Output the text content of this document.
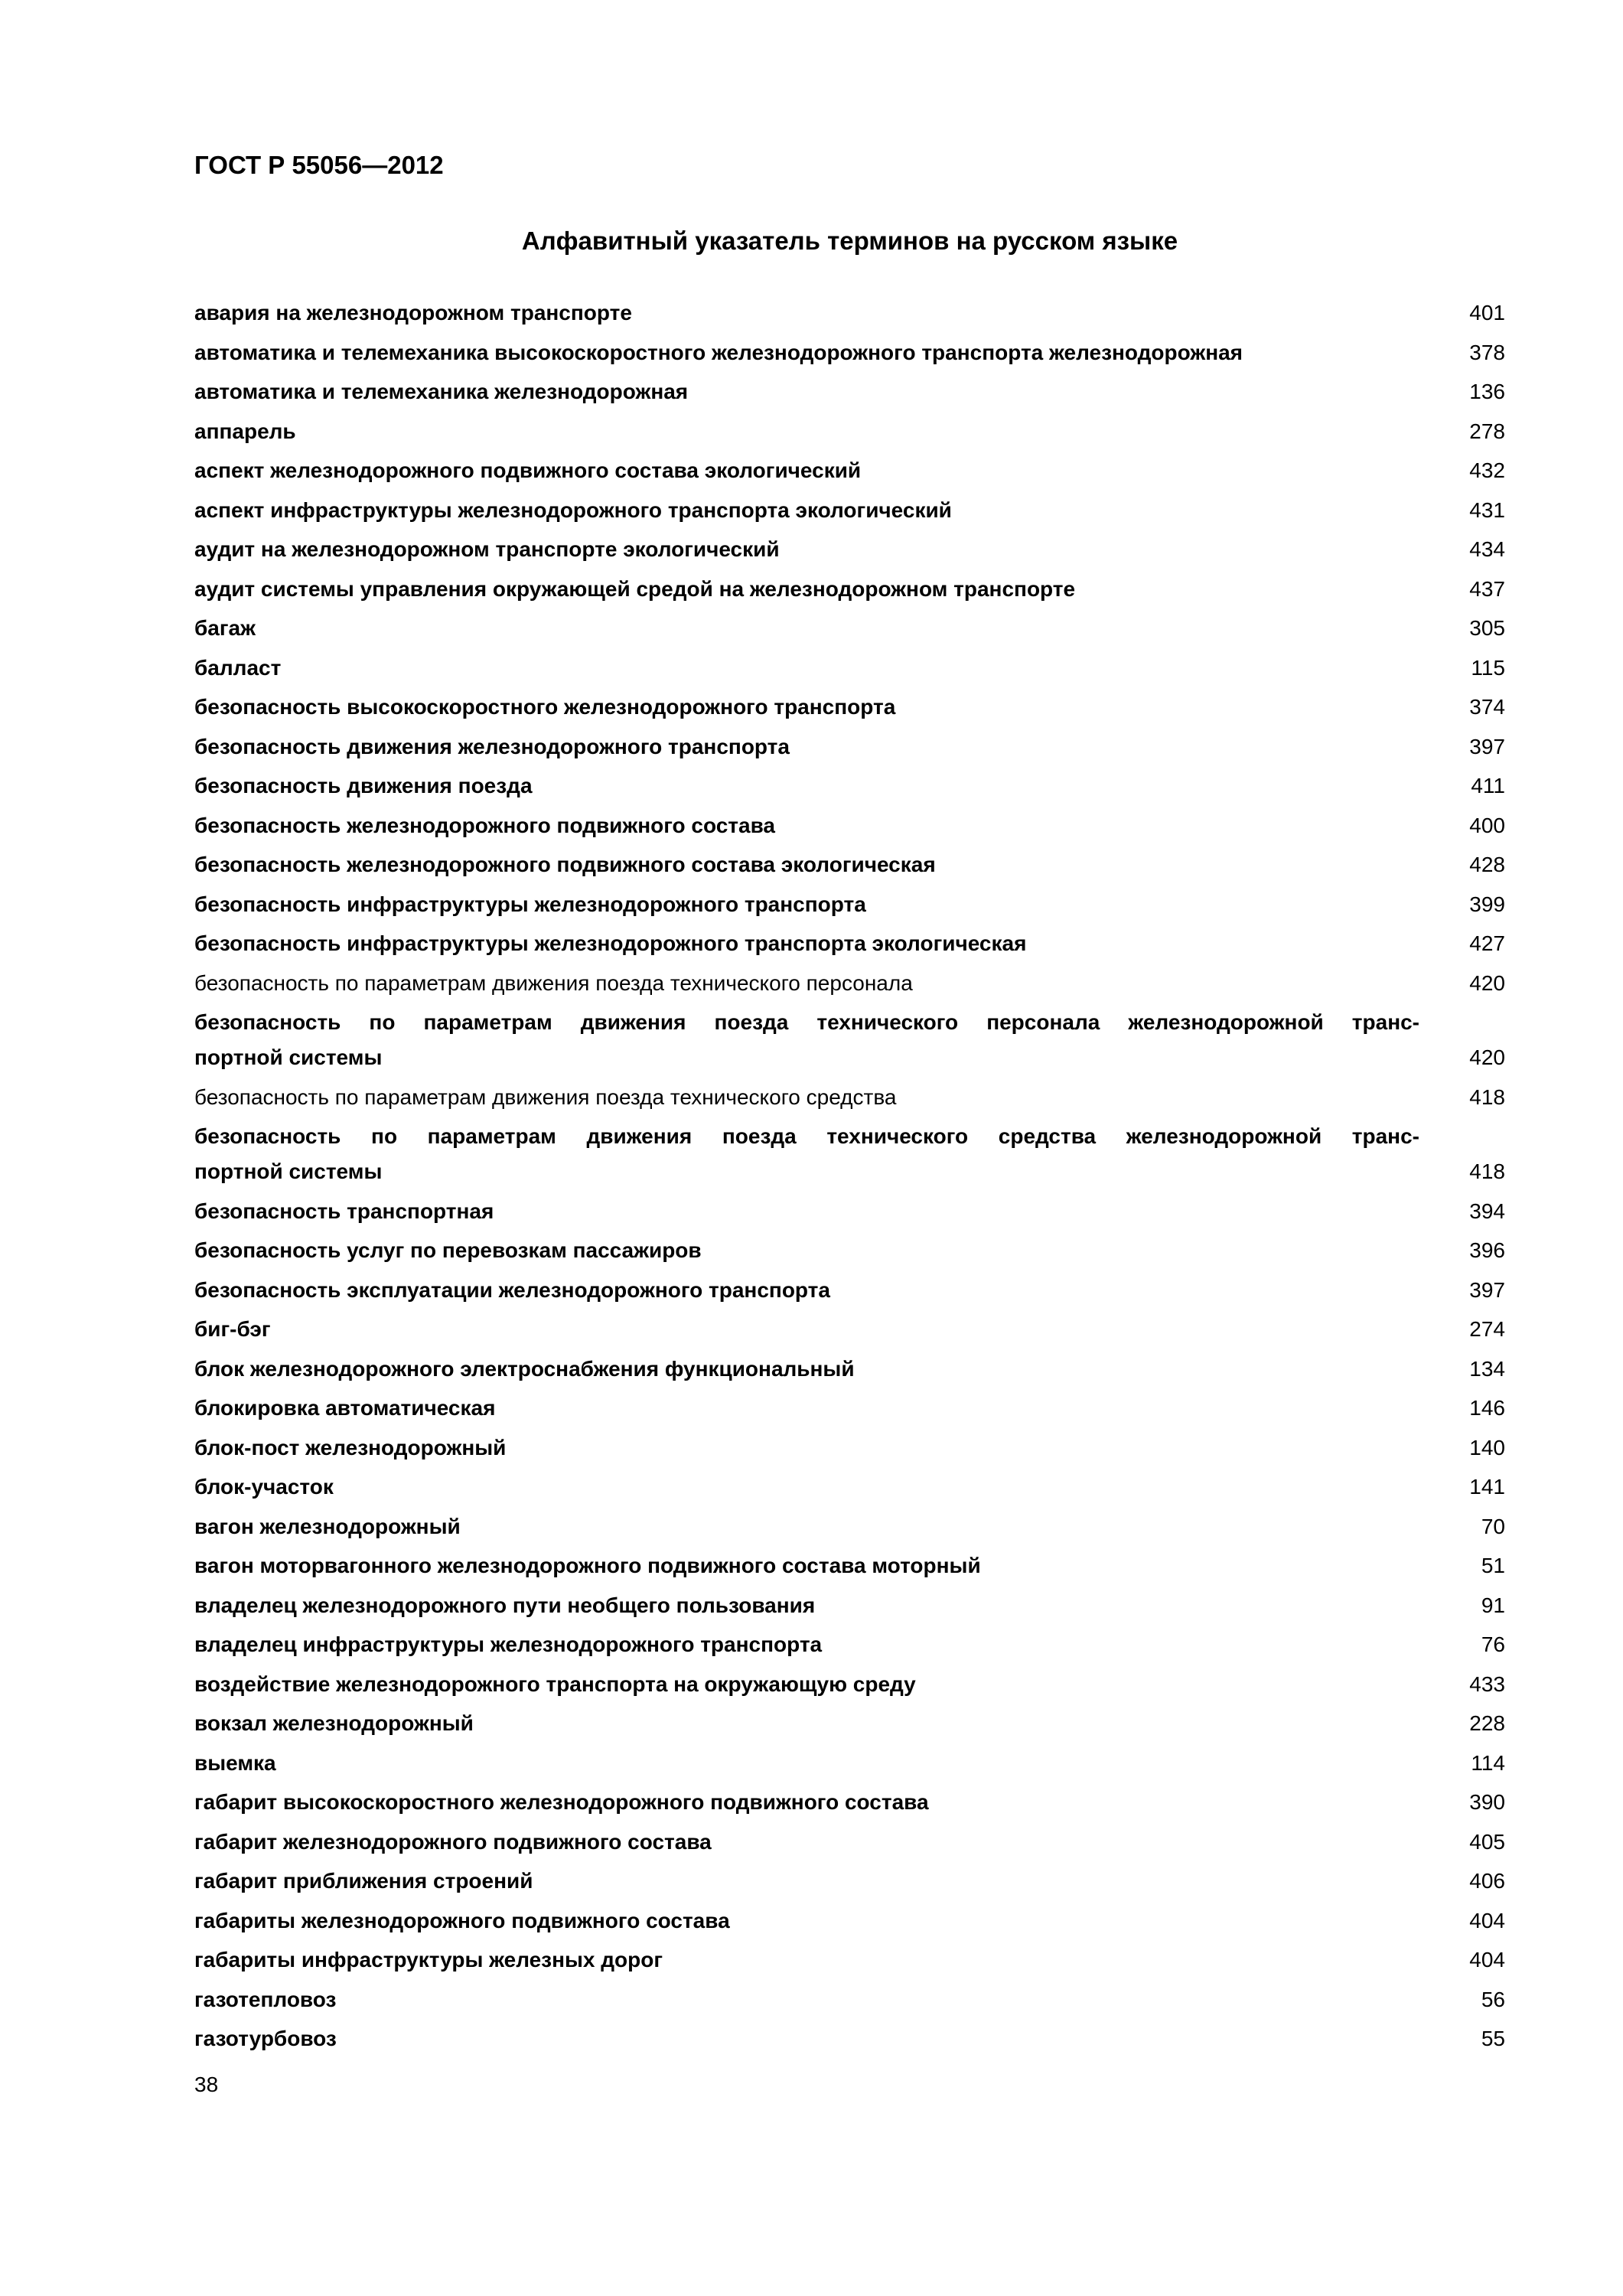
ГОСТ Р 55056—2012
Алфавитный указатель терминов на русском языке
авария на железнодорожном транспорте	401
автоматика и телемеханика высокоскоростного железнодорожного транспорта железнодорожная	378
автоматика и телемеханика железнодорожная	136
аппарель	278
аспект железнодорожного подвижного состава экологический	432
аспект инфраструктуры железнодорожного транспорта экологический	431
аудит на железнодорожном транспорте экологический	434
аудит системы управления окружающей средой на железнодорожном транспорте	437
багаж	305
балласт	115
безопасность высокоскоростного железнодорожного транспорта	374
безопасность движения железнодорожного транспорта	397
безопасность движения поезда	411
безопасность железнодорожного подвижного состава	400
безопасность железнодорожного подвижного состава экологическая	428
безопасность инфраструктуры железнодорожного транспорта	399
безопасность инфраструктуры железнодорожного транспорта экологическая	427
безопасность по параметрам движения поезда технического персонала	420
безопасность по параметрам движения поезда технического персонала железнодорожной транс-
портной системы	420
безопасность по параметрам движения поезда технического средства	418
безопасность по параметрам движения поезда технического средства железнодорожной транс-
портной системы	418
безопасность транспортная	394
безопасность услуг по перевозкам пассажиров	396
безопасность эксплуатации железнодорожного транспорта	397
биг-бэг	274
блок железнодорожного электроснабжения функциональный	134
блокировка автоматическая	146
блок-пост железнодорожный	140
блок-участок	141
вагон железнодорожный	70
вагон моторвагонного железнодорожного подвижного состава моторный	51
владелец железнодорожного пути необщего пользования	91
владелец инфраструктуры железнодорожного транспорта	76
воздействие железнодорожного транспорта на окружающую среду	433
вокзал железнодорожный	228
выемка	114
габарит высокоскоростного железнодорожного подвижного состава	390
габарит железнодорожного подвижного состава	405
габарит приближения строений	406
габариты железнодорожного подвижного состава	404
габариты инфраструктуры железных дорог	404
газотепловоз	56
газотурбовоз	55

38
